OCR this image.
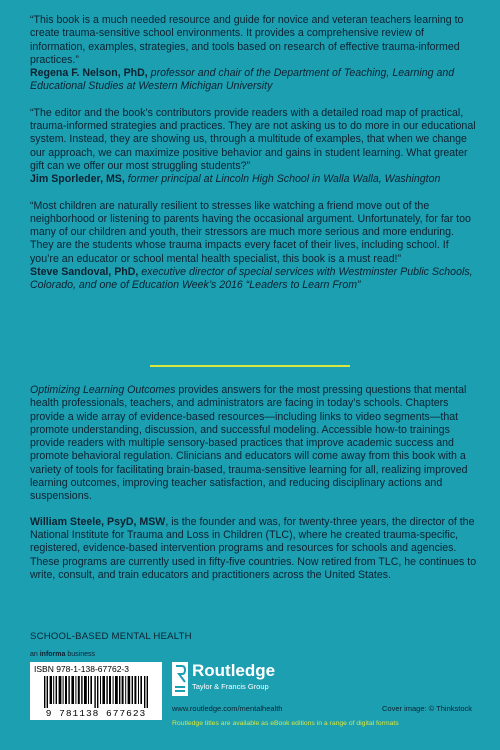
“This book is a much needed resource and guide for novice and veteran teachers learning to create trauma-sensitive school environments. It provides a comprehensive review of information, examples, strategies, and tools based on research of effective trauma-informed practices.”

Regena F. Nelson, PhD, professor and chair of the Department of Teaching, Learning and Educational Studies at Western Michigan University

“The editor and the book’s contributors provide readers with a detailed road map of practical, trauma-informed strategies and practices. They are not asking us to do more in our educational system. Instead, they are showing us, through a multitude of examples, that when we change our approach, we can maximize positive behavior and gains in student learning. What greater gift can we offer our most struggling students?”

Jim Sporleder, MS, former principal at Lincoln High School in Walla Walla, Washington

“Most children are naturally resilient to stresses like watching a friend move out of the neighborhood or listening to parents having the occasional argument. Unfortunately, for far too many of our children and youth, their stressors are much more serious and more enduring. They are the students whose trauma impacts every facet of their lives, including school. If you’re an educator or school mental health specialist, this book is a must read!”

Steve Sandoval, PhD, executive director of special services with Westminster Public Schools, Colorado, and one of Education Week’s 2016 “Leaders to Learn From”

Optimizing Learning Outcomes provides answers for the most pressing questions that mental health professionals, teachers, and administrators are facing in today’s schools. Chapters provide a wide array of evidence-based resources—including links to video segments—that promote understanding, discussion, and successful modeling. Accessible how-to trainings provide readers with multiple sensory-based practices that improve academic success and promote behavioral regulation. Clinicians and educators will come away from this book with a variety of tools for facilitating brain-based, trauma-sensitive learning for all, realizing improved learning outcomes, improving teacher satisfaction, and reducing disciplinary actions and suspensions.

William Steele, PsyD, MSW, is the founder and was, for twenty-three years, the director of the National Institute for Trauma and Loss in Children (TLC), where he created trauma-specific, registered, evidence-based intervention programs and resources for schools and agencies. These programs are currently used in fifty-five countries. Now retired from TLC, he continues to write, consult, and train educators and practitioners across the United States.

SCHOOL-BASED MENTAL HEALTH
an informa business
ISBN 978-1-138-67762-3
9 781138 677623
Routledge
Taylor & Francis Group
www.routledge.com/mentalhealth	Cover image: © Thinkstock
Routledge titles are available as eBook editions in a range of digital formats
